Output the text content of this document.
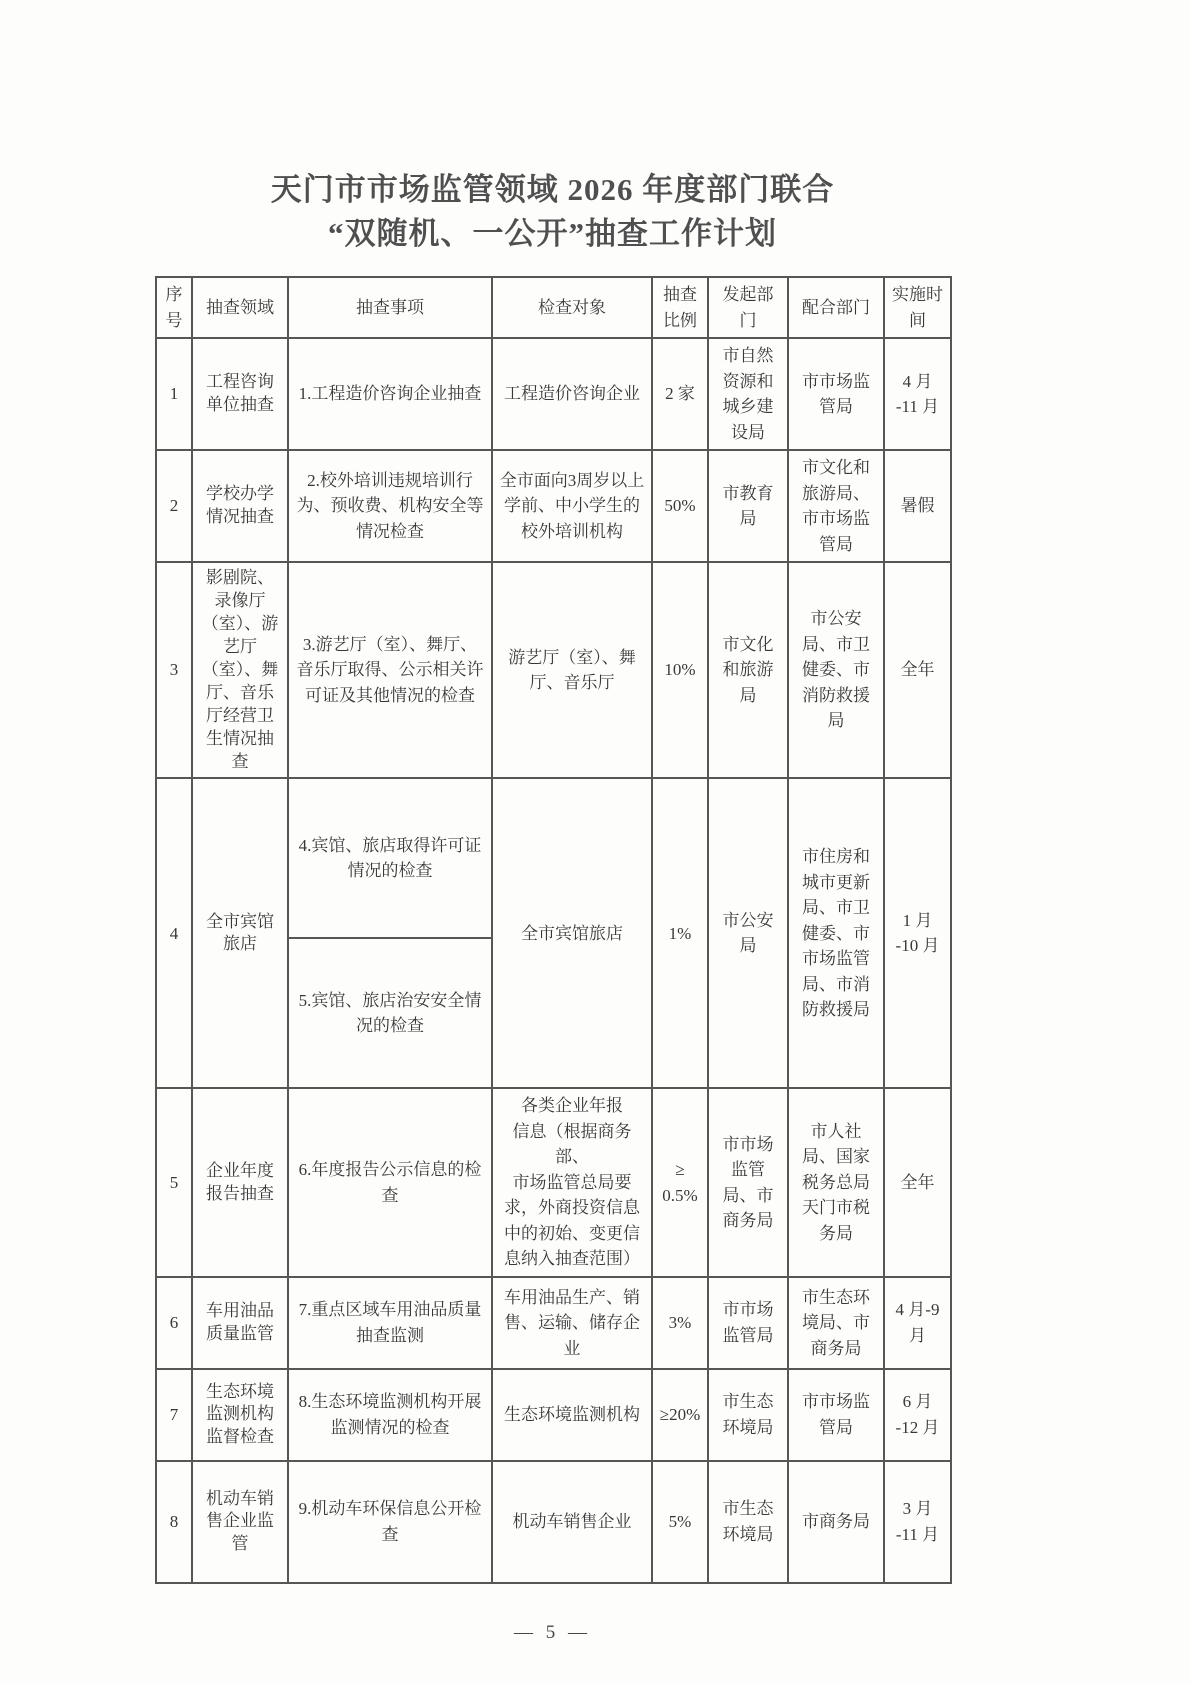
天门市市场监管领域 2026 年度部门联合
“双随机、一公开”抽查工作计划
序号	抽查领域	抽查事项	检查对象	抽查比例	发起部门	配合部门	实施时间
1	工程咨询单位抽查	1.工程造价咨询企业抽查	工程造价咨询企业	2 家	市自然资源和城乡建设局	市市场监管局	4 月
-11 月
2	学校办学情况抽查	2.校外培训违规培训行为、预收费、机构安全等情况检查	全市面向3周岁以上学前、中小学生的校外培训机构	50%	市教育局	市文化和旅游局、市市场监管局	暑假
3	影剧院、录像厅（室）、游艺厅（室）、舞厅、音乐厅经营卫生情况抽查	3.游艺厅（室）、舞厅、音乐厅取得、公示相关许可证及其他情况的检查	游艺厅（室）、舞厅、音乐厅	10%	市文化和旅游局	市公安局、市卫健委、市消防救援局	全年
4	全市宾馆旅店	4.宾馆、旅店取得许可证情况的检查	全市宾馆旅店	1%	市公安局	市住房和城市更新局、市卫健委、市市场监管局、市消防救援局	1 月
-10 月
		5.宾馆、旅店治安安全情况的检查					
5	企业年度报告抽查	6.年度报告公示信息的检查	各类企业年报
信息（根据商务部、
市场监管总局要
求，外商投资信息
中的初始、变更信
息纳入抽查范围）	≥
0.5%	市市场监管局、市商务局	市人社局、国家税务总局天门市税务局	全年
6	车用油品质量监管	7.重点区域车用油品质量抽查监测	车用油品生产、销售、运输、储存企业	3%	市市场监管局	市生态环境局、市商务局	4 月-9
月
7	生态环境监测机构监督检查	8.生态环境监测机构开展监测情况的检查	生态环境监测机构	≥20%	市生态环境局	市市场监管局	6 月
-12 月
8	机动车销售企业监管	9.机动车环保信息公开检查	机动车销售企业	5%	市生态环境局	市商务局	3 月
-11 月
— 5 —
